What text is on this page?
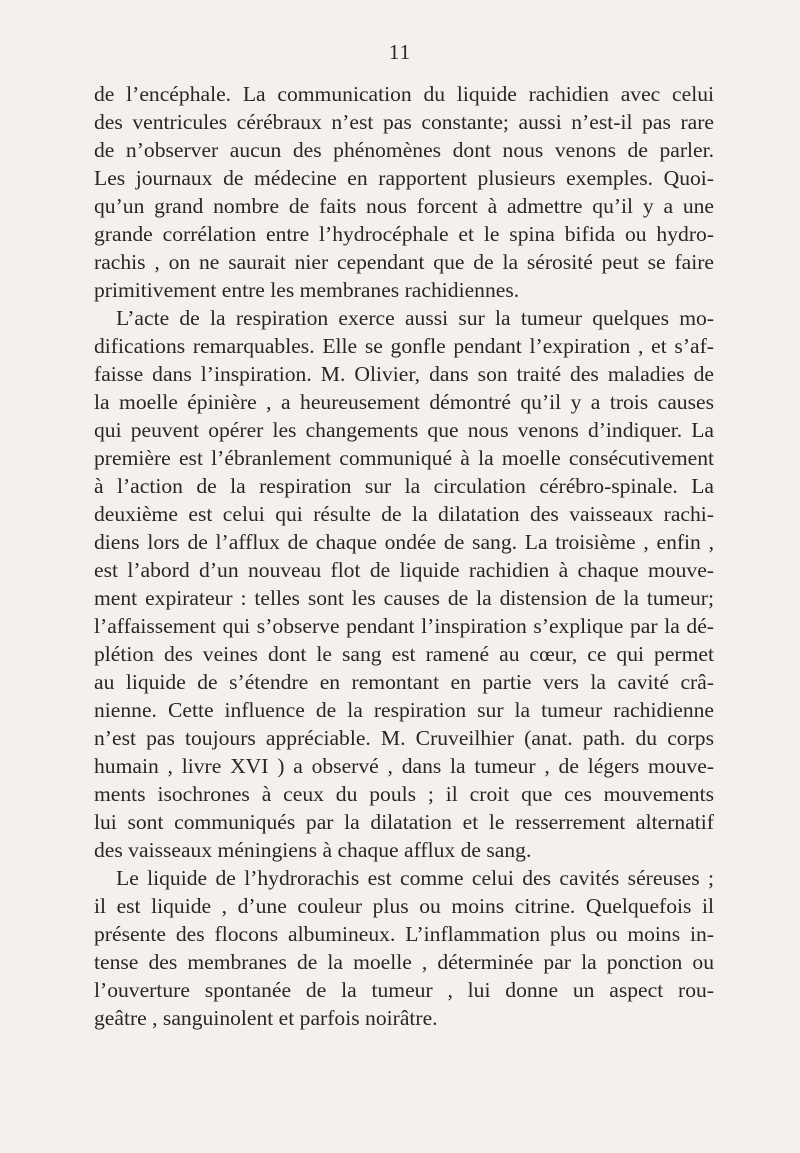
11
de l’encéphale. La communication du liquide rachidien avec celui
des ventricules cérébraux n’est pas constante; aussi n’est-il pas rare
de n’observer aucun des phénomènes dont nous venons de parler.
Les journaux de médecine en rapportent plusieurs exemples. Quoi-
qu’un grand nombre de faits nous forcent à admettre qu’il y a une
grande corrélation entre l’hydrocéphale et le spina bifida ou hydro-
rachis , on ne saurait nier cependant que de la sérosité peut se faire
primitivement entre les membranes rachidiennes.
L’acte de la respiration exerce aussi sur la tumeur quelques mo-
difications remarquables. Elle se gonfle pendant l’expiration , et s’af-
faisse dans l’inspiration. M. Olivier, dans son traité des maladies de
la moelle épinière , a heureusement démontré qu’il y a trois causes
qui peuvent opérer les changements que nous venons d’indiquer. La
première est l’ébranlement communiqué à la moelle consécutivement
à l’action de la respiration sur la circulation cérébro-spinale. La
deuxième est celui qui résulte de la dilatation des vaisseaux rachi-
diens lors de l’afflux de chaque ondée de sang. La troisième , enfin ,
est l’abord d’un nouveau flot de liquide rachidien à chaque mouve-
ment expirateur : telles sont les causes de la distension de la tumeur;
l’affaissement qui s’observe pendant l’inspiration s’explique par la dé-
plétion des veines dont le sang est ramené au cœur, ce qui permet
au liquide de s’étendre en remontant en partie vers la cavité crâ-
nienne. Cette influence de la respiration sur la tumeur rachidienne
n’est pas toujours appréciable. M. Cruveilhier (anat. path. du corps
humain , livre XVI ) a observé , dans la tumeur , de légers mouve-
ments isochrones à ceux du pouls ; il croit que ces mouvements
lui sont communiqués par la dilatation et le resserrement alternatif
des vaisseaux méningiens à chaque afflux de sang.
Le liquide de l’hydrorachis est comme celui des cavités séreuses ;
il est liquide , d’une couleur plus ou moins citrine. Quelquefois il
présente des flocons albumineux. L’inflammation plus ou moins in-
tense des membranes de la moelle , déterminée par la ponction ou
l’ouverture spontanée de la tumeur , lui donne un aspect rou-
geâtre , sanguinolent et parfois noirâtre.
